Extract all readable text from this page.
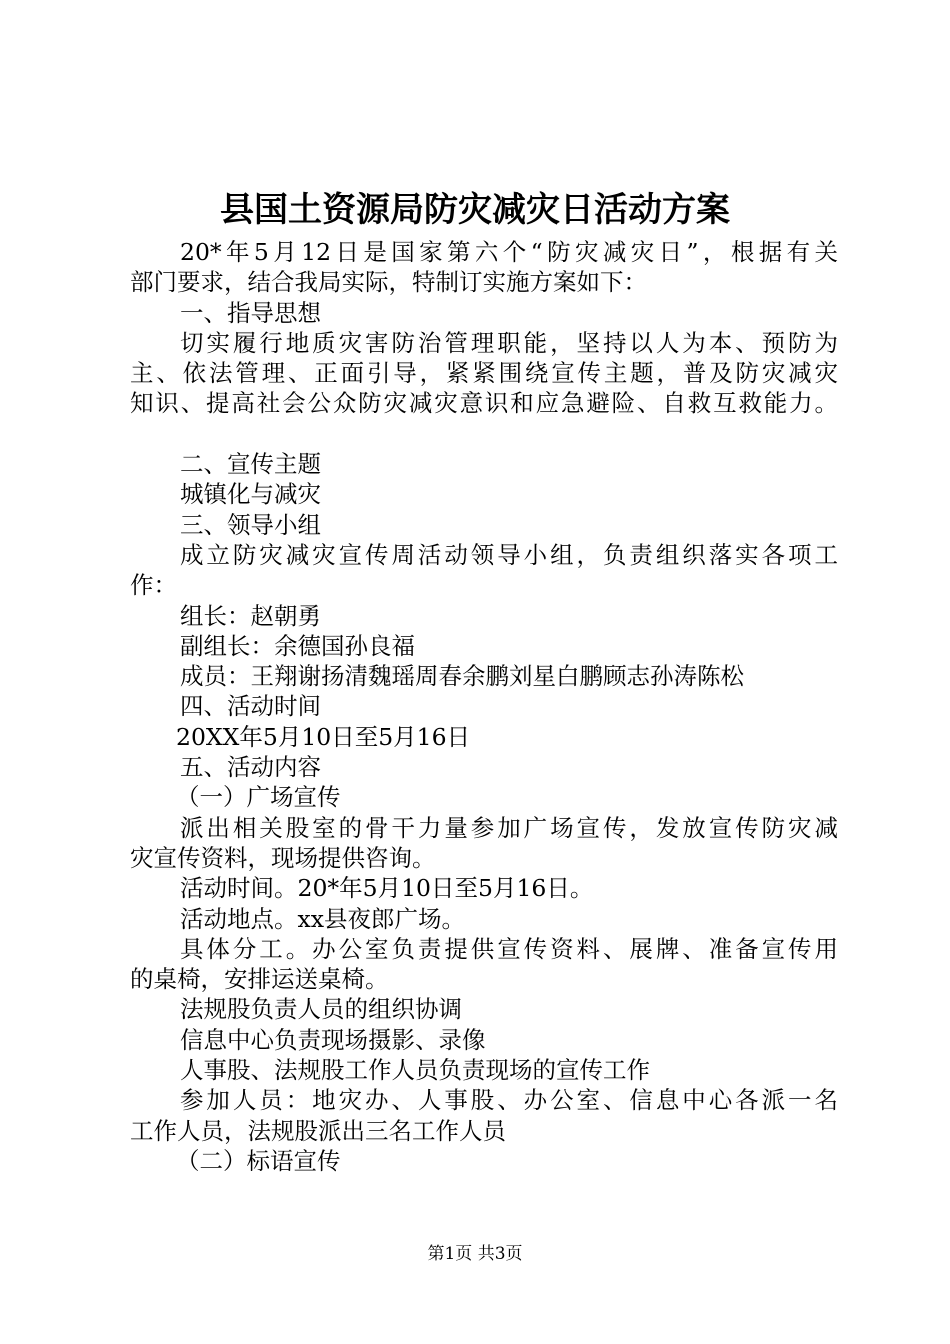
县国土资源局防灾减灾日活动方案
20*年5月12日是国家第六个“防灾减灾日”，根据有关
部门要求，结合我局实际，特制订实施方案如下：
一、指导思想
切实履行地质灾害防治管理职能，坚持以人为本、预防为
主、依法管理、正面引导，紧紧围绕宣传主题，普及防灾减灾
知识、提高社会公众防灾减灾意识和应急避险、自救互救能力。
二、宣传主题
城镇化与减灾
三、领导小组
成立防灾减灾宣传周活动领导小组，负责组织落实各项工
作：
组长：赵朝勇
副组长：余德国孙良福
成员：王翔谢扬清魏瑶周春余鹏刘星白鹏顾志孙涛陈松
四、活动时间
20XX年5月10日至5月16日
五、活动内容
（一）广场宣传
派出相关股室的骨干力量参加广场宣传，发放宣传防灾减
灾宣传资料，现场提供咨询。
活动时间。20*年5月10日至5月16日。
活动地点。xx县夜郎广场。
具体分工。办公室负责提供宣传资料、展牌、准备宣传用
的桌椅，安排运送桌椅。
法规股负责人员的组织协调
信息中心负责现场摄影、录像
人事股、法规股工作人员负责现场的宣传工作
参加人员：地灾办、人事股、办公室、信息中心各派一名
工作人员，法规股派出三名工作人员
（二）标语宣传
第1页 共3页
